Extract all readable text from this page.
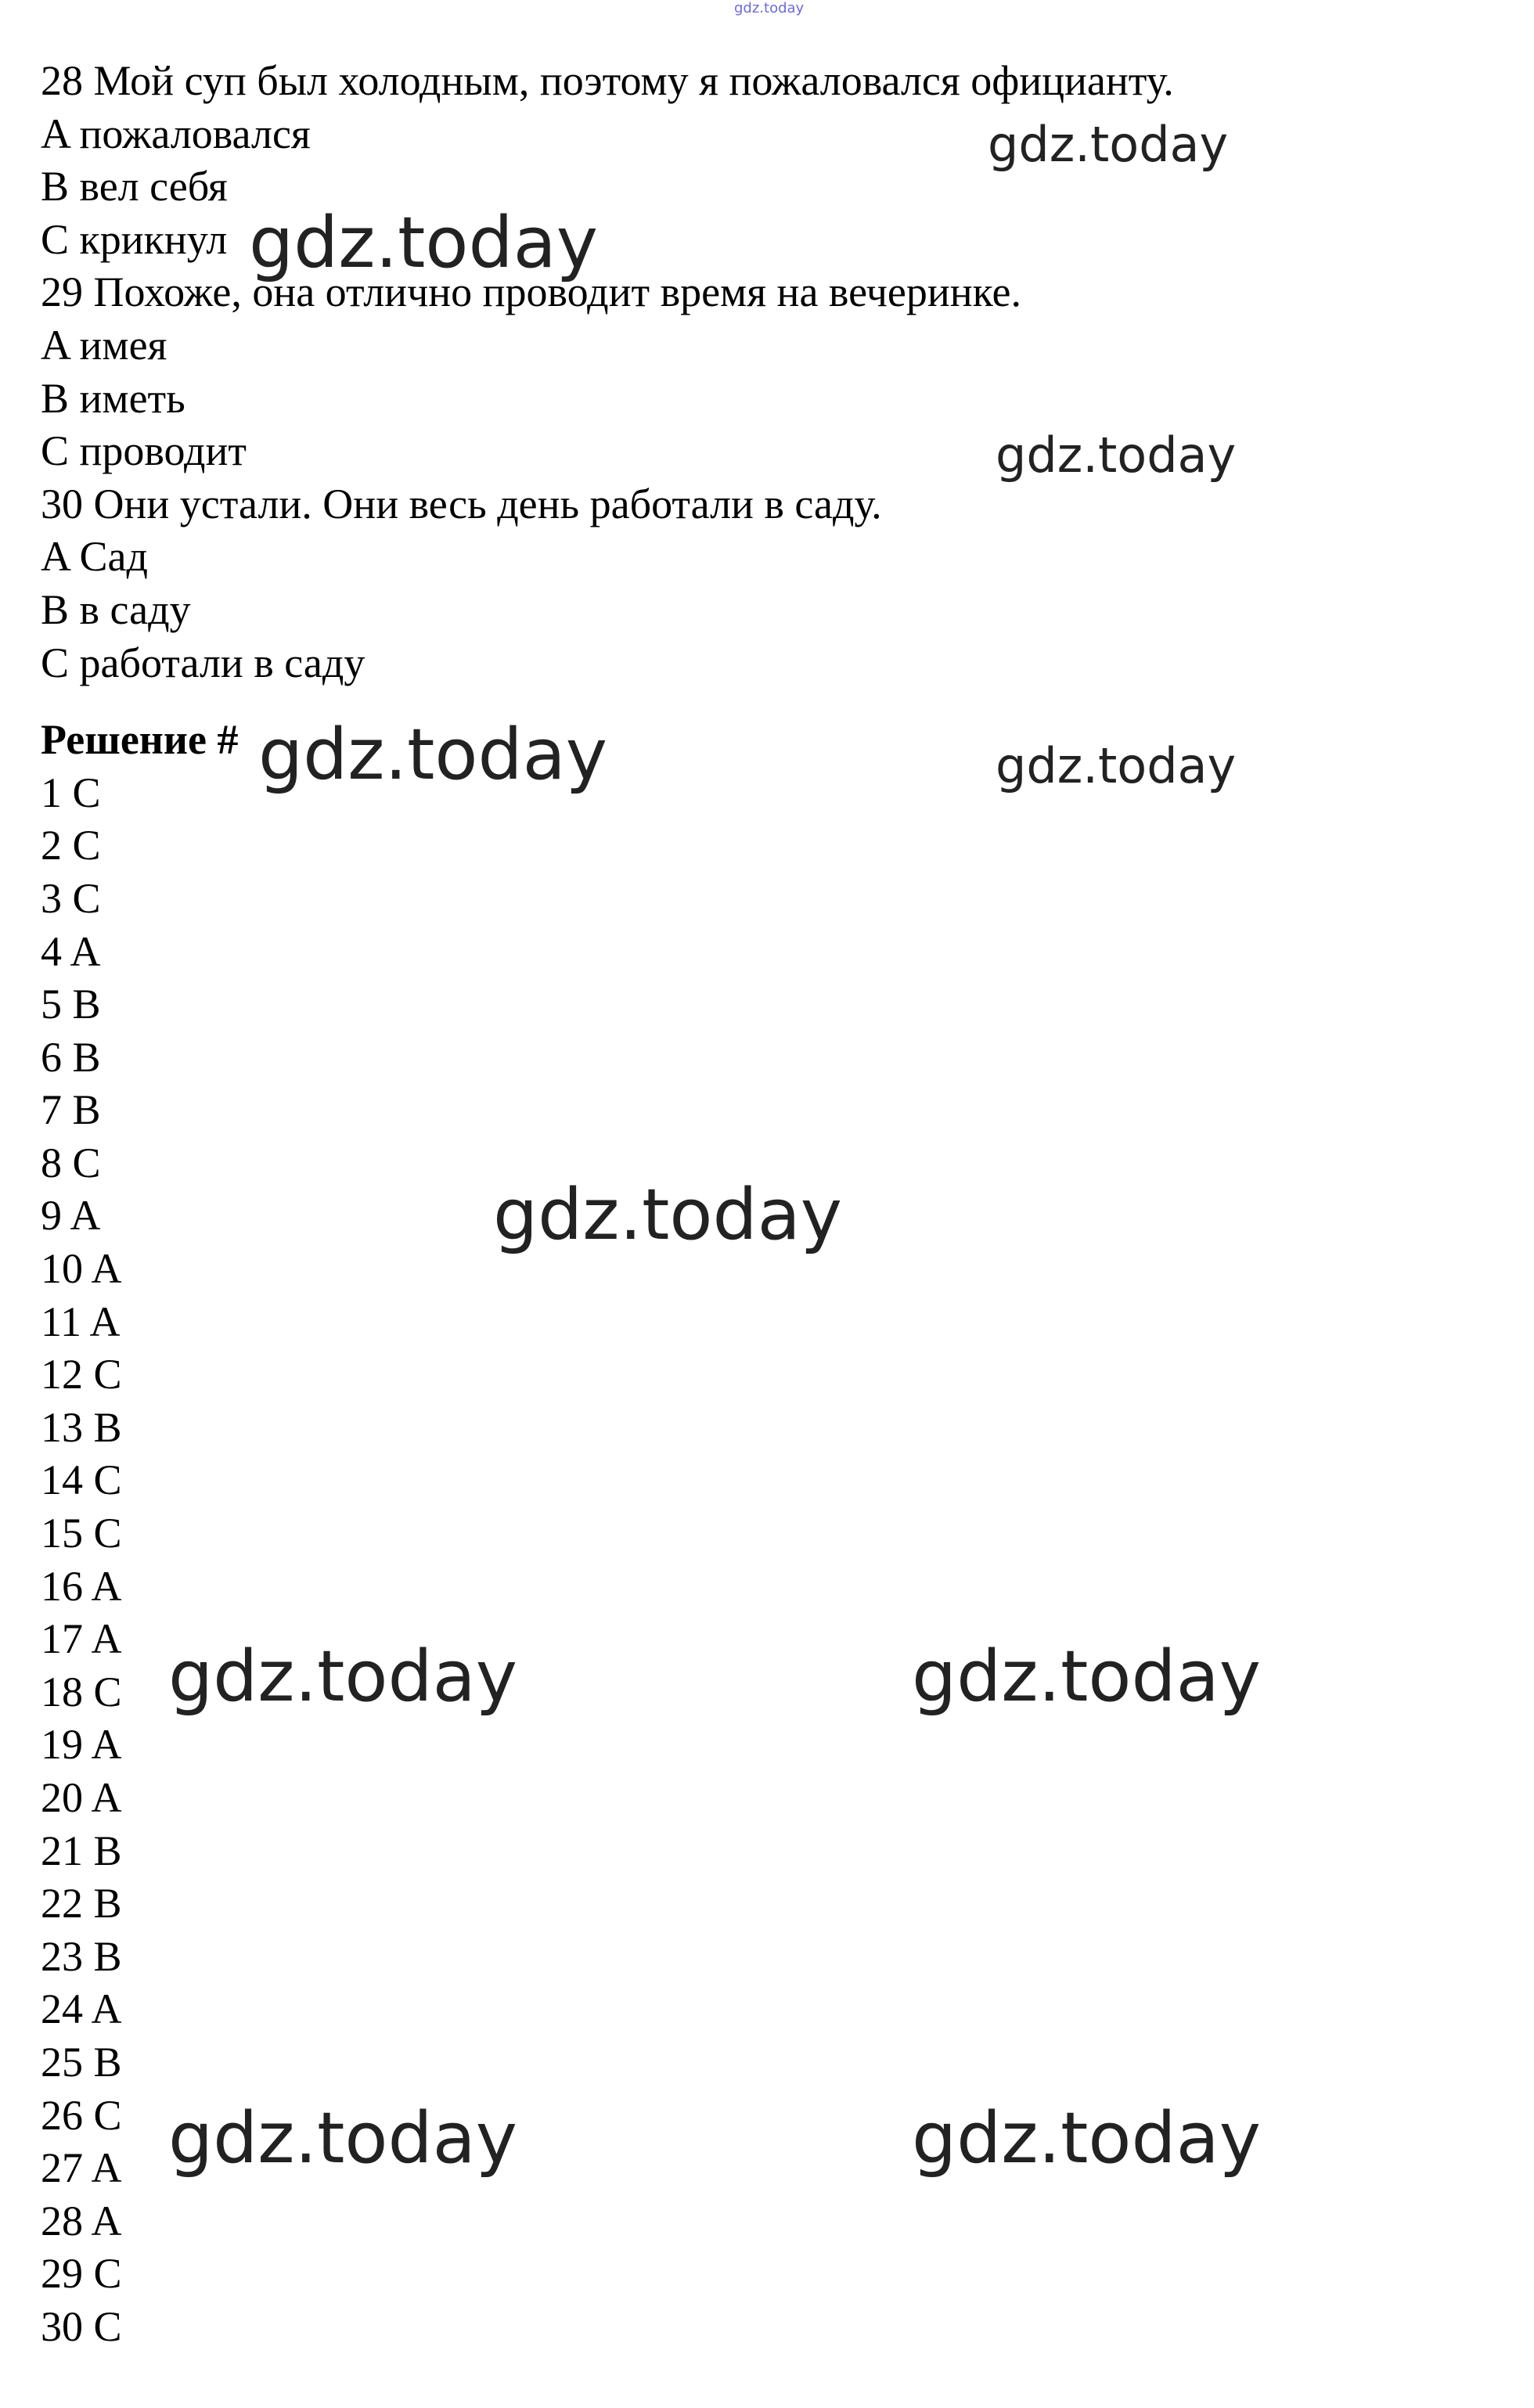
gdz.today
28 Мой суп был холодным, поэтому я пожаловался официанту.
A пожаловался
B вел себя
C крикнул
29 Похоже, она отлично проводит время на вечеринке.
A имея
B иметь
C проводит
30 Они устали. Они весь день работали в саду.
A Сад
B в саду
C работали в саду
Решение #
1 C
2 C
3 C
4 A
5 B
6 B
7 B
8 C
9 A
10 A
11 A
12 C
13 B
14 C
15 C
16 A
17 A
18 C
19 A
20 A
21 B
22 B
23 B
24 A
25 B
26 C
27 A
28 A
29 C
30 C
gdz.today
gdz.today
gdz.today
gdz.today	gdz.today
gdz.today
gdz.today	gdz.today
gdz.today	gdz.today
